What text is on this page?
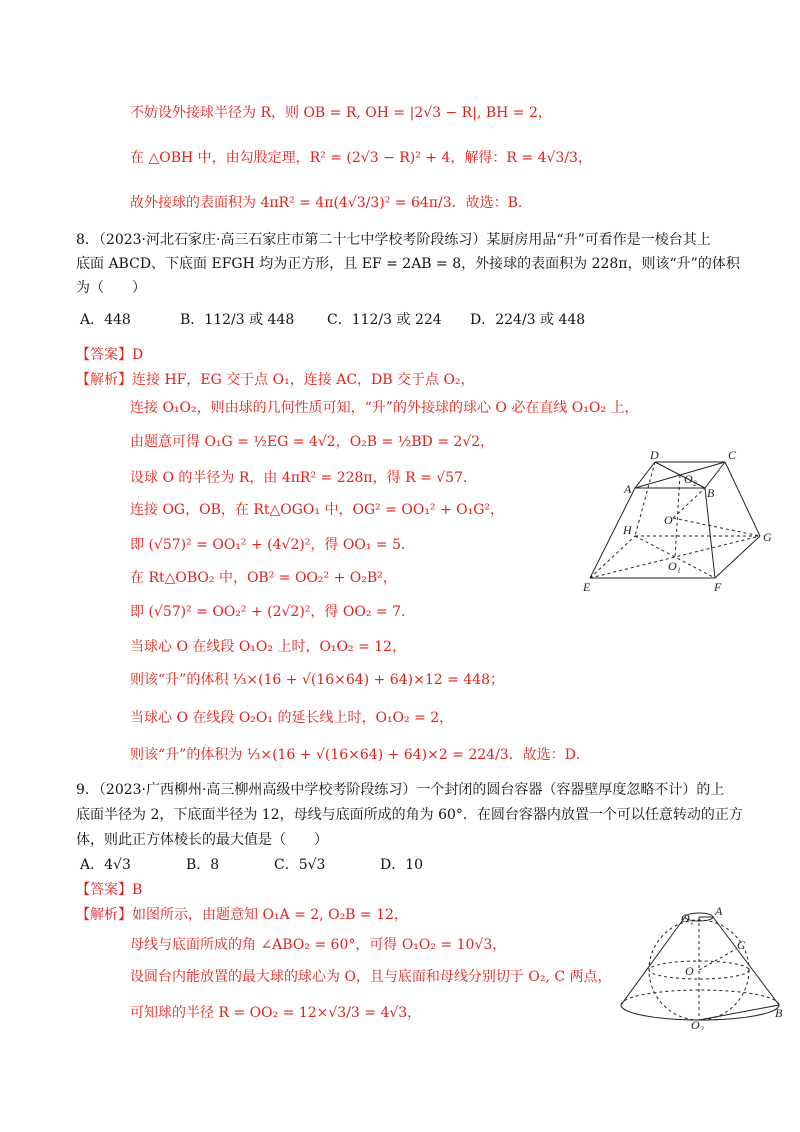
不妨设外接球半径为 R，则 OB = R, OH = |2√3 − R|, BH = 2，
在 △OBH 中，由勾股定理，R² = (2√3 − R)² + 4，解得：R = 4√3/3，
故外接球的表面积为 4πR² = 4π(4√3/3)² = 64π/3．故选：B.
8．（2023·河北石家庄·高三石家庄市第二十七中学校考阶段练习）某厨房用品“升”可看作是一棱台其上
底面 ABCD、下底面 EFGH 均为正方形，且 EF = 2AB = 8，外接球的表面积为 228π，则该“升”的体积
为（　　）
A．448	B．112/3 或 448 C．112/3 或 224 D．224/3 或 448
【答案】D
【解析】连接 HF，EG 交于点 O₁，连接 AC，DB 交于点 O₂，
连接 O₁O₂，则由球的几何性质可知，“升”的外接球的球心 O 必在直线 O₁O₂ 上，
由题意可得 O₁G = ½EG = 4√2，O₂B = ½BD = 2√2，
设球 O 的半径为 R，由 4πR² = 228π，得 R = √57．
连接 OG，OB，在 Rt△OGO₁ 中，OG² = OO₁² + O₁G²，
即 (√57)² = OO₁² + (4√2)²，得 OO₁ = 5．
在 Rt△OBO₂ 中，OB² = OO₂² + O₂B²，
即 (√57)² = OO₂² + (2√2)²，得 OO₂ = 7．
当球心 O 在线段 O₁O₂ 上时，O₁O₂ = 12，
则该“升”的体积 ⅓×(16 + √(16×64) + 64)×12 = 448；
当球心 O 在线段 O₂O₁ 的延长线上时，O₁O₂ = 2，
则该“升”的体积为 ⅓×(16 + √(16×64) + 64)×2 = 224/3．故选：D．
D	C
A	B
O₂
O
H	G
O₁
E	F
9．（2023·广西柳州·高三柳州高级中学校考阶段练习）一个封闭的圆台容器（容器壁厚度忽略不计）的上
底面半径为 2，下底面半径为 12，母线与底面所成的角为 60°．在圆台容器内放置一个可以任意转动的正方
体，则此正方体棱长的最大值是（　　）
A．4√3	B．8	C．5√3	D．10
【答案】B
【解析】如图所示，由题意知 O₁A = 2, O₂B = 12，
母线与底面所成的角 ∠ABO₂ = 60°，可得 O₁O₂ = 10√3，
设圆台内能放置的最大球的球心为 O，且与底面和母线分别切于 O₂, C 两点，
可知球的半径 R = OO₂ = 12×√3/3 = 4√3，
O₁ A
C
O
O₂
B
